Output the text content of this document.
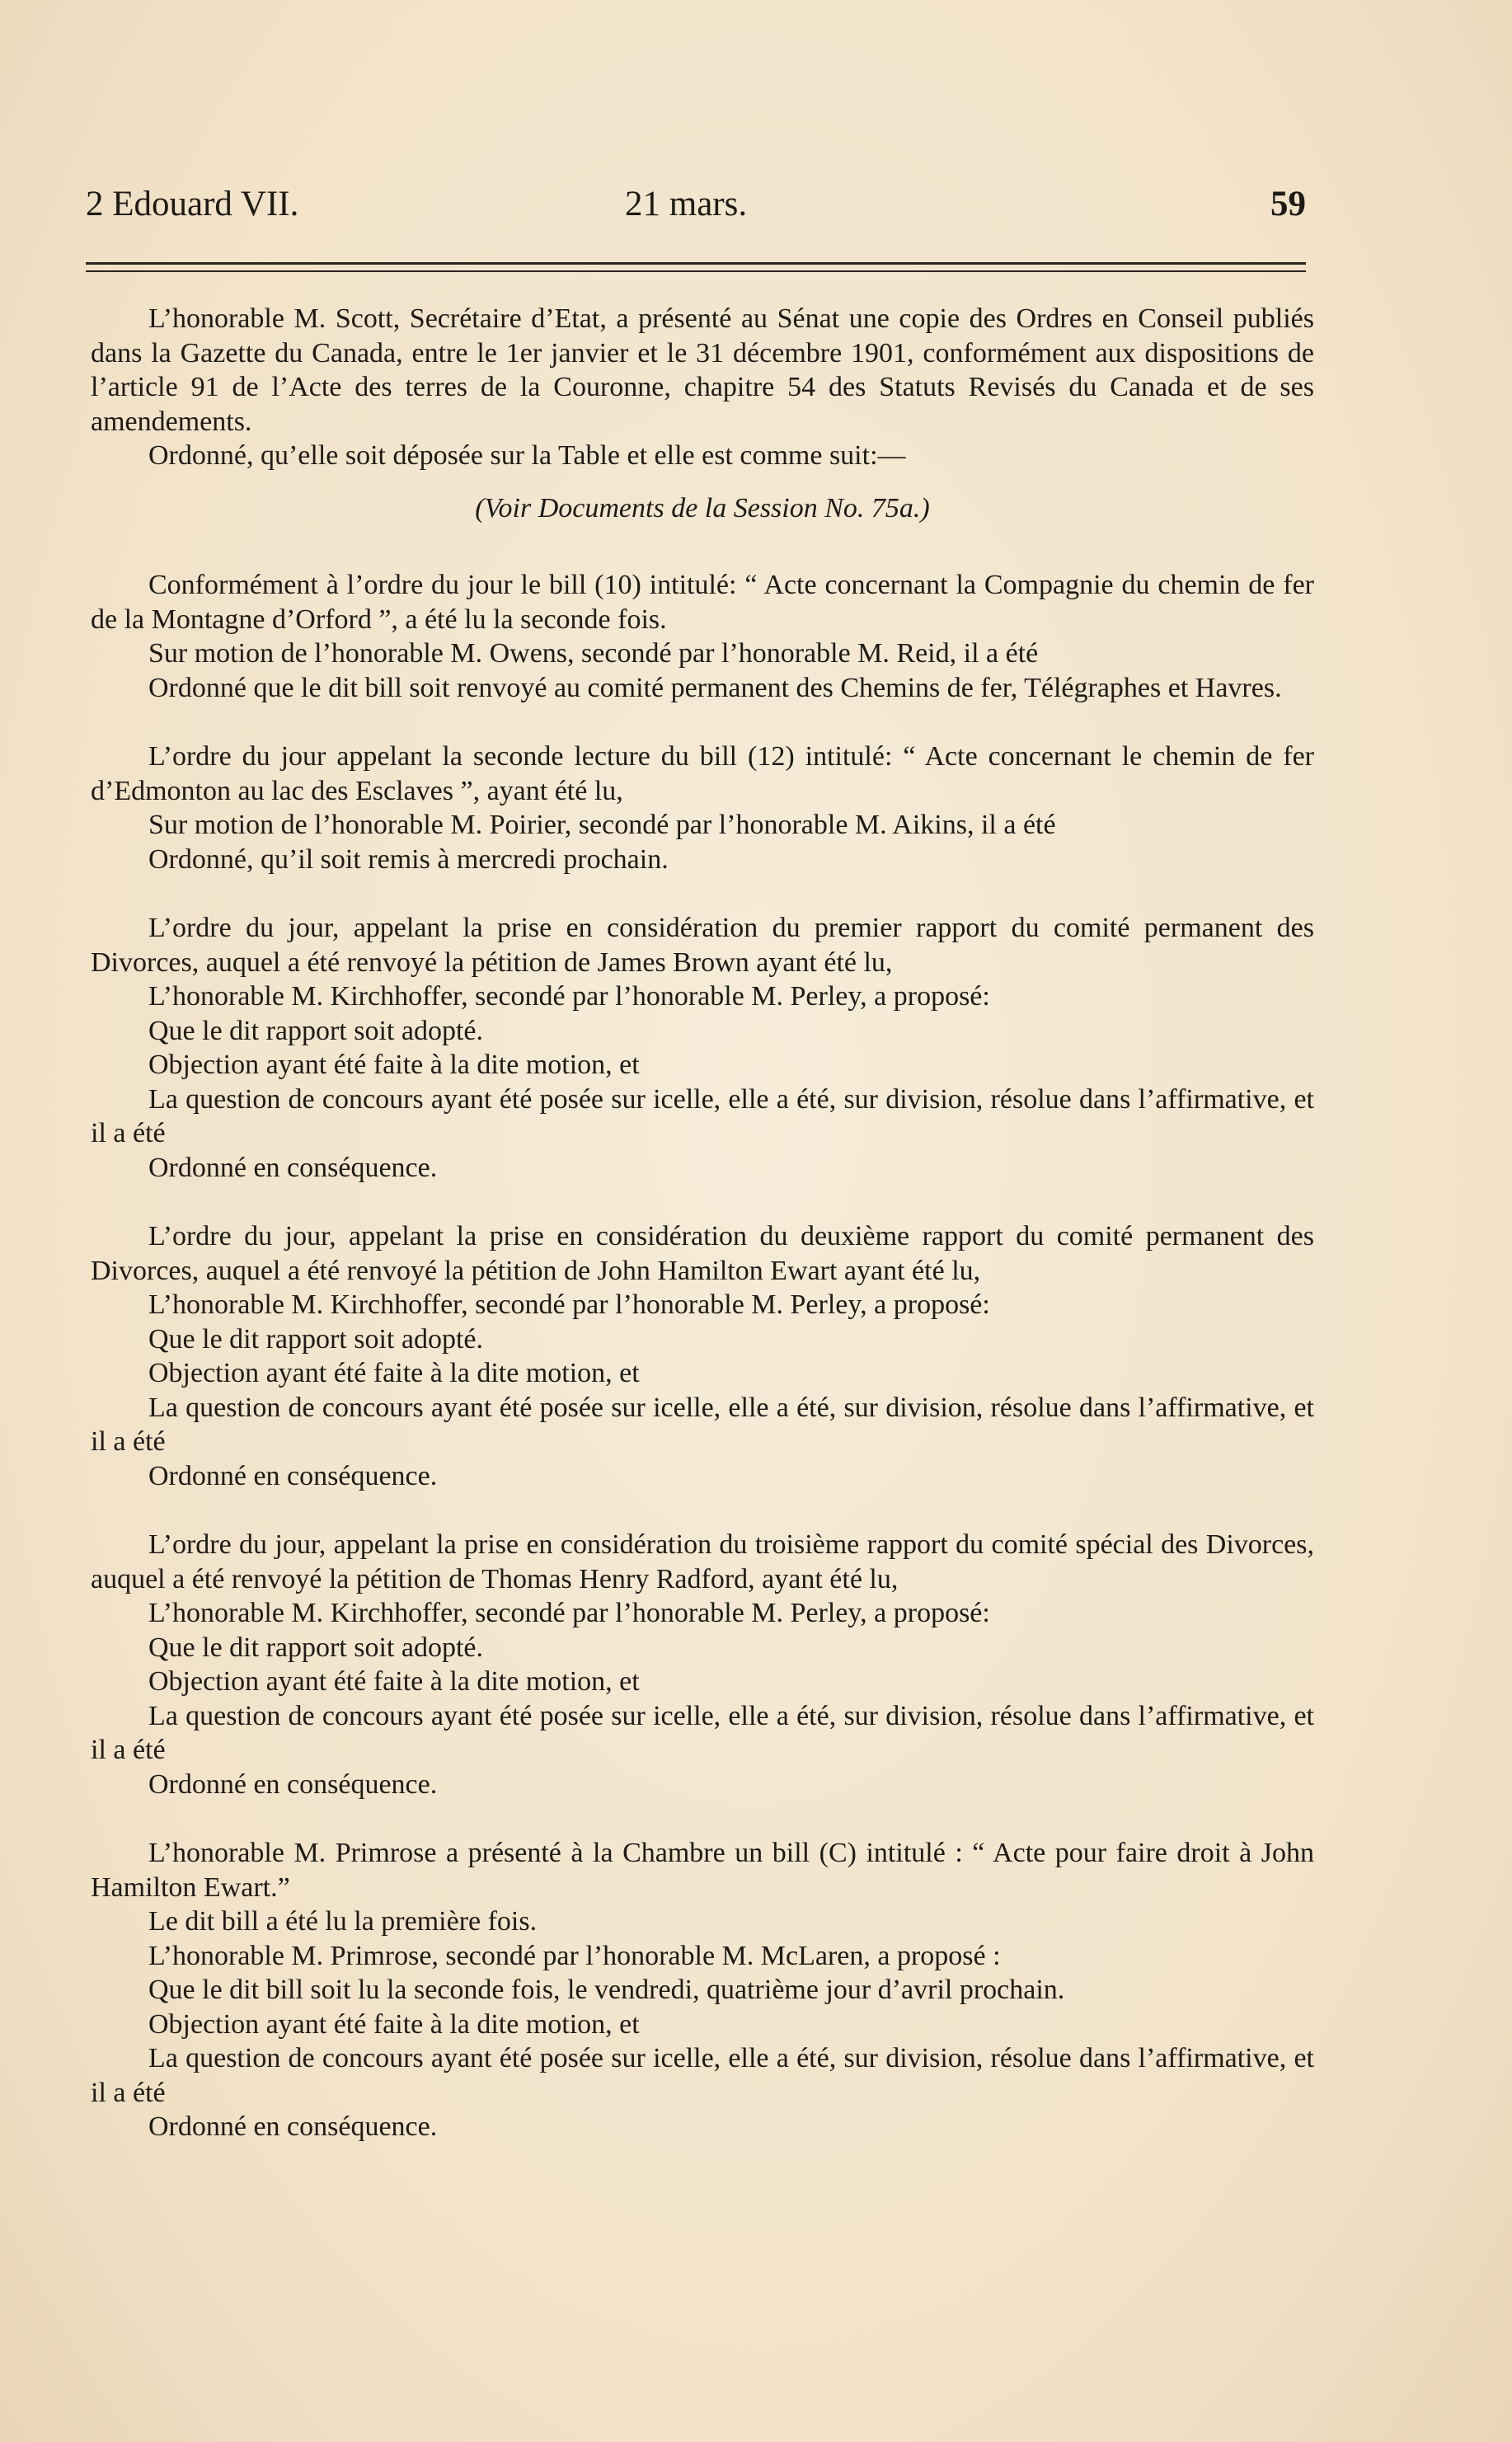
2 Edouard VII.	21 mars.	59

L’honorable M. Scott, Secrétaire d’Etat, a présenté au Sénat une copie des Ordres en Conseil publiés dans la Gazette du Canada, entre le 1er janvier et le 31 décembre 1901, conformément aux dispositions de l’article 91 de l’Acte des terres de la Couronne, chapitre 54 des Statuts Revisés du Canada et de ses amendements.

Ordonné, qu’elle soit déposée sur la Table et elle est comme suit:—

(Voir Documents de la Session No. 75a.)

Conformément à l’ordre du jour le bill (10) intitulé: “ Acte concernant la Compagnie du chemin de fer de la Montagne d’Orford ”, a été lu la seconde fois.

Sur motion de l’honorable M. Owens, secondé par l’honorable M. Reid, il a été

Ordonné que le dit bill soit renvoyé au comité permanent des Chemins de fer, Télégraphes et Havres.

L’ordre du jour appelant la seconde lecture du bill (12) intitulé: “ Acte concernant le chemin de fer d’Edmonton au lac des Esclaves ”, ayant été lu,

Sur motion de l’honorable M. Poirier, secondé par l’honorable M. Aikins, il a été

Ordonné, qu’il soit remis à mercredi prochain.

L’ordre du jour, appelant la prise en considération du premier rapport du comité permanent des Divorces, auquel a été renvoyé la pétition de James Brown ayant été lu,

L’honorable M. Kirchhoffer, secondé par l’honorable M. Perley, a proposé:

Que le dit rapport soit adopté.

Objection ayant été faite à la dite motion, et

La question de concours ayant été posée sur icelle, elle a été, sur division, résolue dans l’affirmative, et il a été

Ordonné en conséquence.

L’ordre du jour, appelant la prise en considération du deuxième rapport du comité permanent des Divorces, auquel a été renvoyé la pétition de John Hamilton Ewart ayant été lu,

L’honorable M. Kirchhoffer, secondé par l’honorable M. Perley, a proposé:

Que le dit rapport soit adopté.

Objection ayant été faite à la dite motion, et

La question de concours ayant été posée sur icelle, elle a été, sur division, résolue dans l’affirmative, et il a été

Ordonné en conséquence.

L’ordre du jour, appelant la prise en considération du troisième rapport du comité spécial des Divorces, auquel a été renvoyé la pétition de Thomas Henry Radford, ayant été lu,

L’honorable M. Kirchhoffer, secondé par l’honorable M. Perley, a proposé:

Que le dit rapport soit adopté.

Objection ayant été faite à la dite motion, et

La question de concours ayant été posée sur icelle, elle a été, sur division, résolue dans l’affirmative, et il a été

Ordonné en conséquence.

L’honorable M. Primrose a présenté à la Chambre un bill (C) intitulé : “ Acte pour faire droit à John Hamilton Ewart.”

Le dit bill a été lu la première fois.

L’honorable M. Primrose, secondé par l’honorable M. McLaren, a proposé :

Que le dit bill soit lu la seconde fois, le vendredi, quatrième jour d’avril prochain.

Objection ayant été faite à la dite motion, et

La question de concours ayant été posée sur icelle, elle a été, sur division, résolue dans l’affirmative, et il a été

Ordonné en conséquence.
